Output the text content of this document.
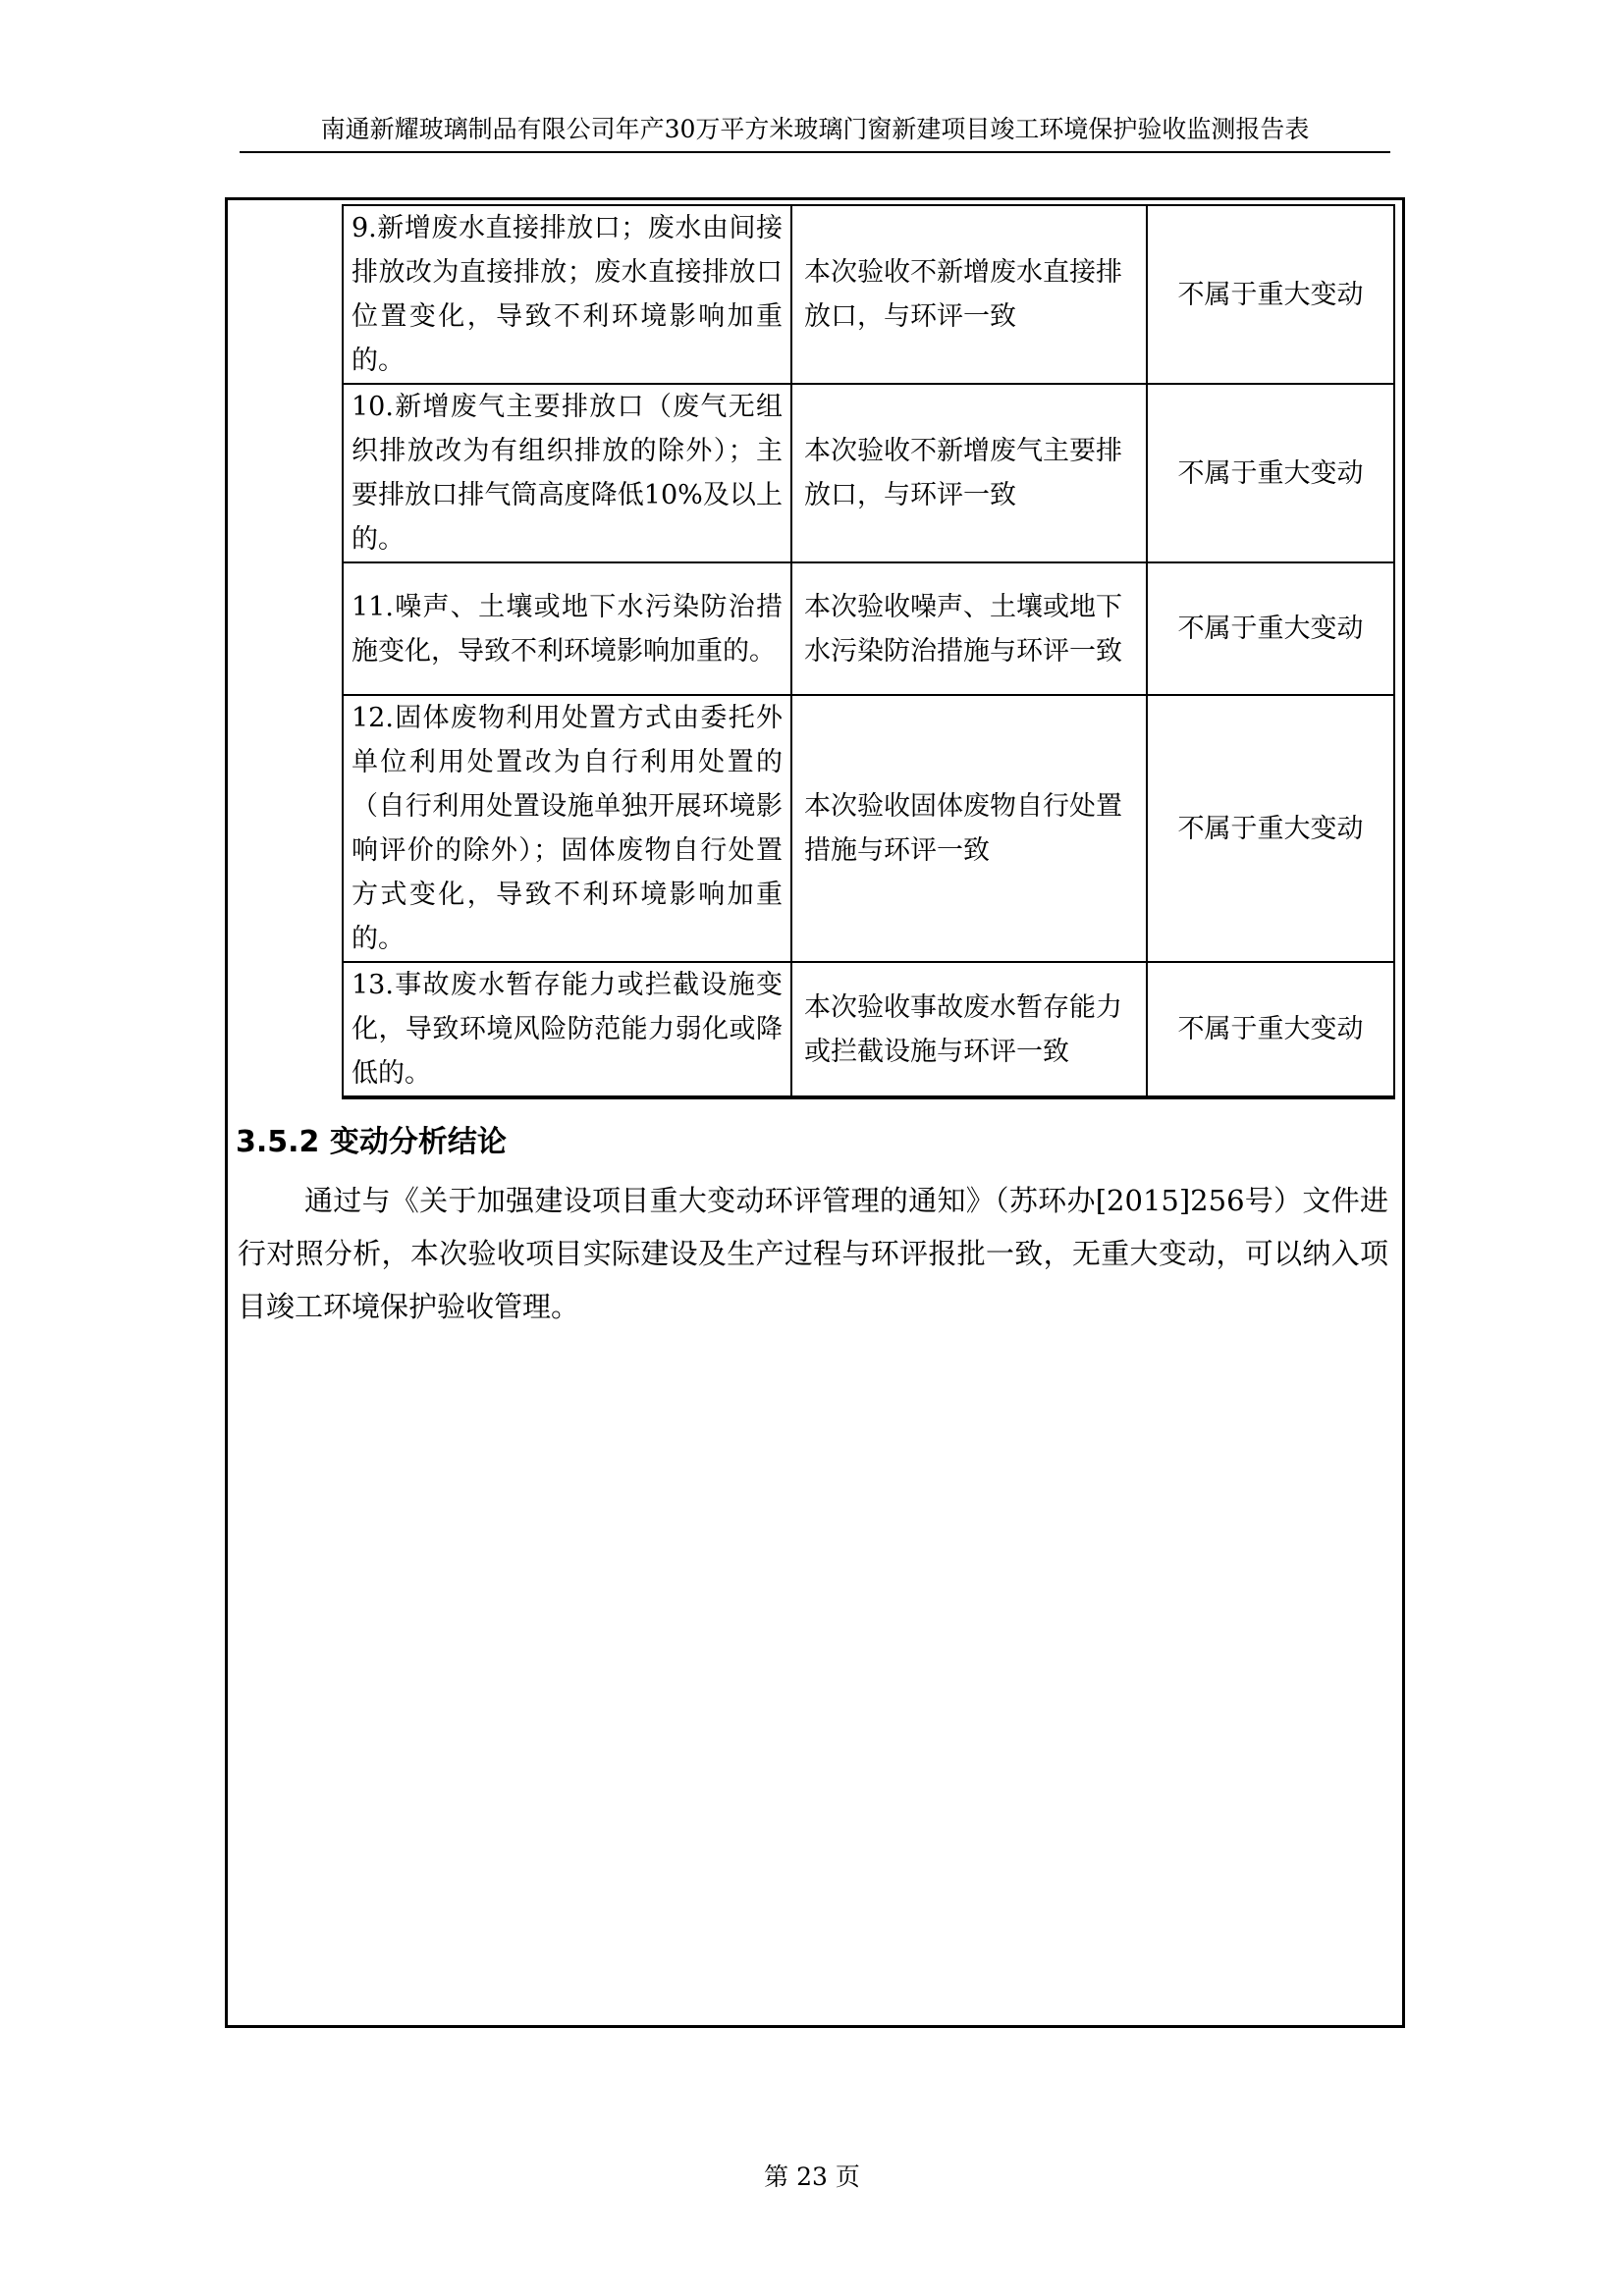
南通新耀玻璃制品有限公司年产30万平方米玻璃门窗新建项目竣工环境保护验收监测报告表
9.新增废水直接排放口；废水由间接排放改为直接排放；废水直接排放口位置变化，导致不利环境影响加重的。	本次验收不新增废水直接排放口，与环评一致	不属于重大变动
10.新增废气主要排放口（废气无组织排放改为有组织排放的除外）；主要排放口排气筒高度降低10%及以上的。	本次验收不新增废气主要排放口，与环评一致	不属于重大变动
11.噪声、土壤或地下水污染防治措施变化，导致不利环境影响加重的。	本次验收噪声、土壤或地下水污染防治措施与环评一致	不属于重大变动
12.固体废物利用处置方式由委托外单位利用处置改为自行利用处置的（自行利用处置设施单独开展环境影响评价的除外）；固体废物自行处置方式变化，导致不利环境影响加重的。	本次验收固体废物自行处置措施与环评一致	不属于重大变动
13.事故废水暂存能力或拦截设施变化，导致环境风险防范能力弱化或降低的。	本次验收事故废水暂存能力或拦截设施与环评一致	不属于重大变动
3.5.2 变动分析结论
通过与《关于加强建设项目重大变动环评管理的通知》（苏环办[2015]256号）文件进行对照分析，本次验收项目实际建设及生产过程与环评报批一致，无重大变动，可以纳入项目竣工环境保护验收管理。
第 23 页
